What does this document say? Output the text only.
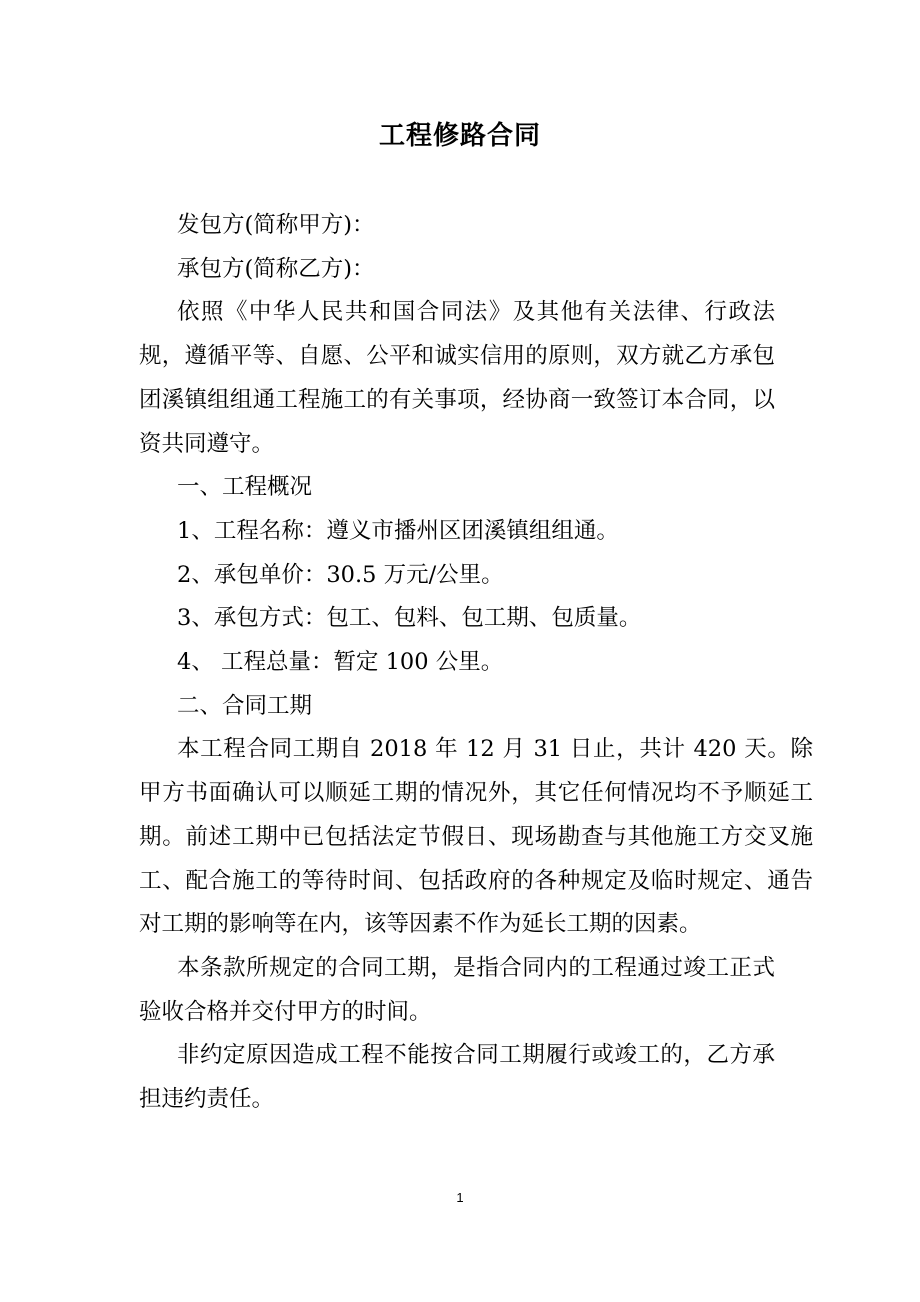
工程修路合同

发包方(简称甲方)：

承包方(简称乙方)：

依照《中华人民共和国合同法》及其他有关法律、行政法规，遵循平等、自愿、公平和诚实信用的原则，双方就乙方承包团溪镇组组通工程施工的有关事项，经协商一致签订本合同，以资共同遵守。

一、工程概况

1、工程名称：遵义市播州区团溪镇组组通。

2、承包单价：30.5 万元/公里。

3、承包方式：包工、包料、包工期、包质量。

4、 工程总量：暂定 100 公里。

二、合同工期

本工程合同工期自 2018 年 12 月 31 日止，共计 420 天。除甲方书面确认可以顺延工期的情况外，其它任何情况均不予顺延工期。前述工期中已包括法定节假日、现场勘查与其他施工方交叉施工、配合施工的等待时间、包括政府的各种规定及临时规定、通告对工期的影响等在内，该等因素不作为延长工期的因素。

本条款所规定的合同工期，是指合同内的工程通过竣工正式验收合格并交付甲方的时间。

非约定原因造成工程不能按合同工期履行或竣工的，乙方承担违约责任。

1
